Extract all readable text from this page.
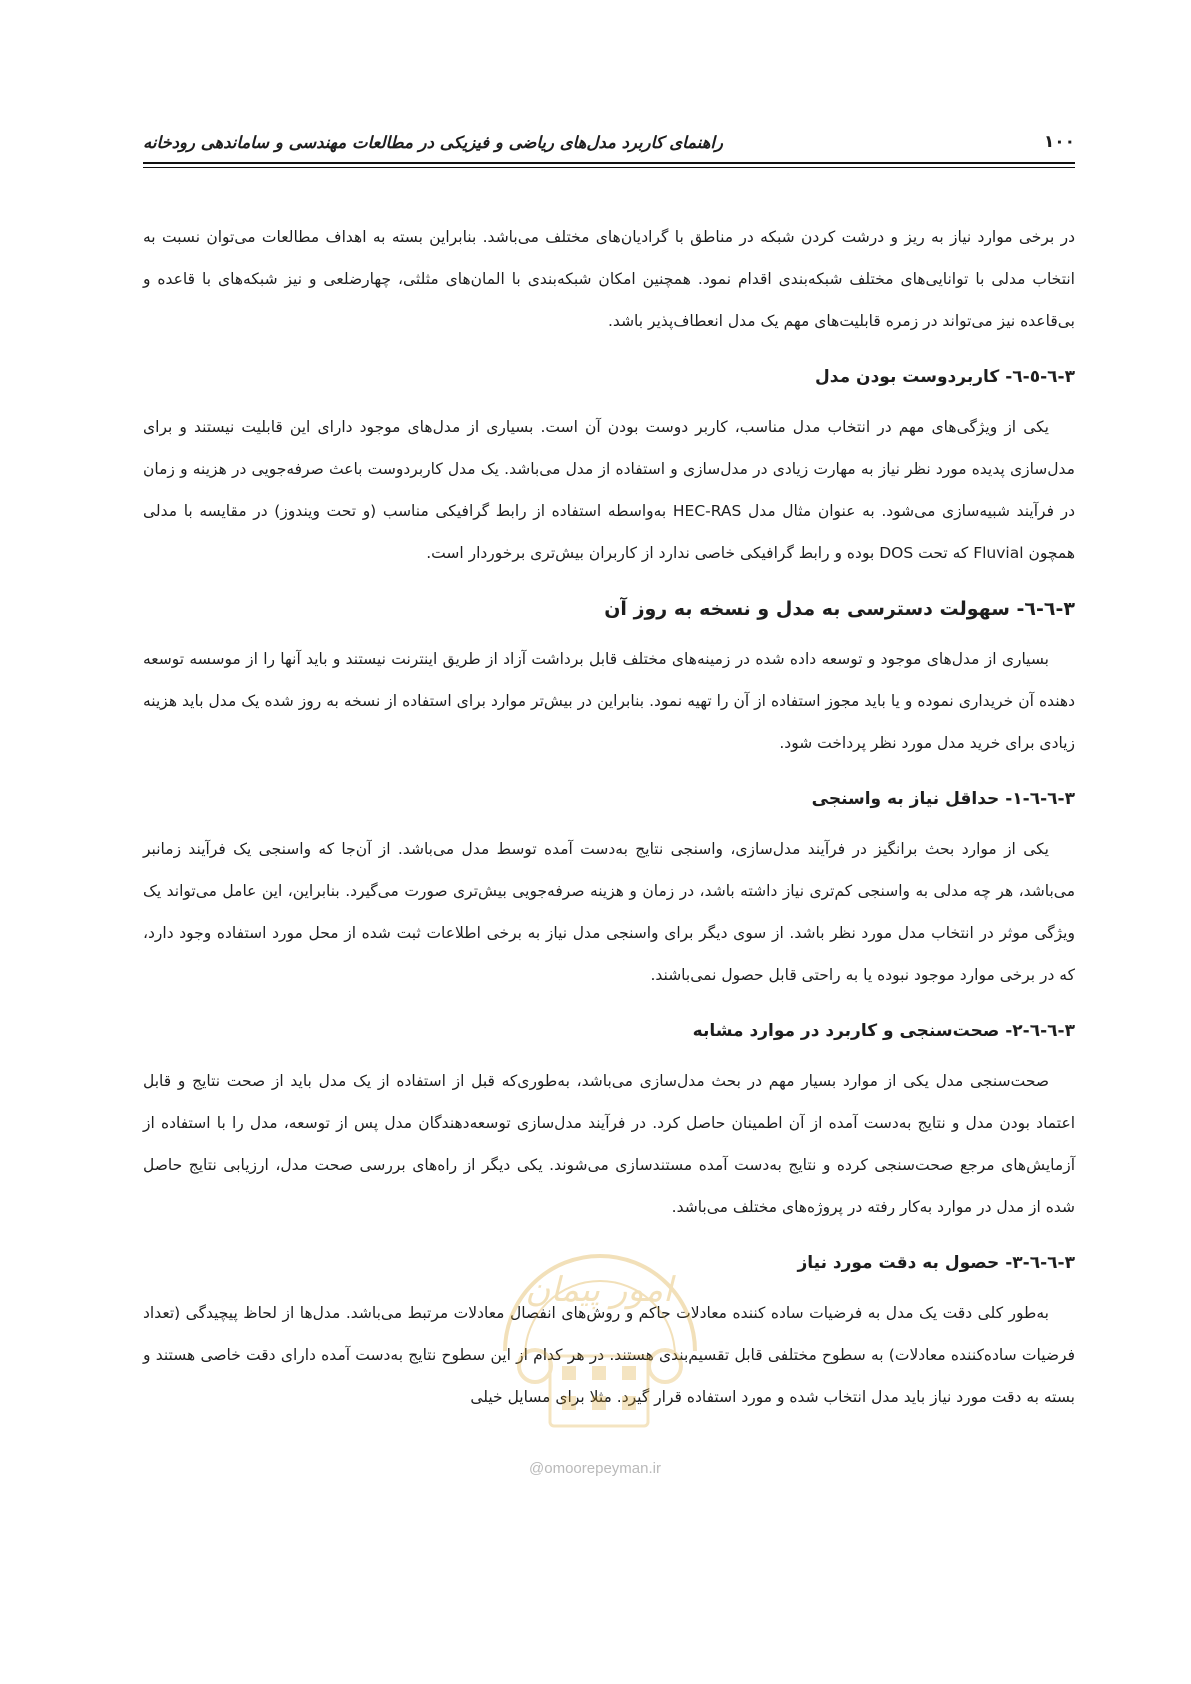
۱۰۰
راهنمای کاربرد مدل‌های ریاضی و فیزیکی در مطالعات مهندسی و ساماندهی رودخانه

در برخی موارد نیاز به ریز و درشت کردن شبکه در مناطق با گرادیان‌های مختلف می‌باشد. بنابراین بسته به اهداف مطالعات می‌توان نسبت به انتخاب مدلی با توانایی‌های مختلف شبکه‌بندی اقدام نمود. همچنین امکان شبکه‌بندی با المان‌های مثلثی، چهارضلعی و نیز شبکه‌های با قاعده و بی‌قاعده نیز می‌تواند در زمره قابلیت‌های مهم یک مدل انعطاف‌پذیر باشد.

۳-٦-٥-٦- کاربردوست بودن مدل

یکی از ویژگی‌های مهم در انتخاب مدل مناسب، کاربر دوست بودن آن است. بسیاری از مدل‌های موجود دارای این قابلیت نیستند و برای مدل‌سازی پدیده مورد نظر نیاز به مهارت زیادی در مدل‌سازی و استفاده از مدل می‌باشد. یک مدل کاربردوست باعث صرفه‌جویی در هزینه و زمان در فرآیند شبیه‌سازی می‌شود. به عنوان مثال مدل HEC-RAS به‌واسطه استفاده از رابط گرافیکی مناسب (و تحت ویندوز) در مقایسه با مدلی همچون Fluvial که تحت DOS بوده و رابط گرافیکی خاصی ندارد از کاربران بیش‌تری برخوردار است.

۳-٦-٦- سهولت دسترسی به مدل و نسخه به روز آن

بسیاری از مدل‌های موجود و توسعه داده شده در زمینه‌های مختلف قابل برداشت آزاد از طریق اینترنت نیستند و باید آنها را از موسسه توسعه دهنده آن خریداری نموده و یا باید مجوز استفاده از آن را تهیه نمود. بنابراین در بیش‌تر موارد برای استفاده از نسخه به روز شده یک مدل باید هزینه زیادی برای خرید مدل مورد نظر پرداخت شود.

۳-٦-٦-۱- حداقل نیاز به واسنجی

یکی از موارد بحث برانگیز در فرآیند مدل‌سازی، واسنجی نتایج به‌دست آمده توسط مدل می‌باشد. از آن‌جا که واسنجی یک فرآیند زمانبر می‌باشد، هر چه مدلی به واسنجی کم‌تری نیاز داشته باشد، در زمان و هزینه صرفه‌جویی بیش‌تری صورت می‌گیرد. بنابراین، این عامل می‌تواند یک ویژگی موثر در انتخاب مدل مورد نظر باشد. از سوی دیگر برای واسنجی مدل نیاز به برخی اطلاعات ثبت شده از محل مورد استفاده وجود دارد، که در برخی موارد موجود نبوده یا به راحتی قابل حصول نمی‌باشند.

۳-٦-٦-۲- صحت‌سنجی و کاربرد در موارد مشابه

صحت‌سنجی مدل یکی از موارد بسیار مهم در بحث مدل‌سازی می‌باشد، به‌طوری‌که قبل از استفاده از یک مدل باید از صحت نتایج و قابل اعتماد بودن مدل و نتایج به‌دست آمده از آن اطمینان حاصل کرد. در فرآیند مدل‌سازی توسعه‌دهندگان مدل پس از توسعه، مدل را با استفاده از آزمایش‌های مرجع صحت‌سنجی کرده و نتایج به‌دست آمده مستندسازی می‌شوند. یکی دیگر از راه‌های بررسی صحت مدل، ارزیابی نتایج حاصل شده از مدل در موارد به‌کار رفته در پروژه‌های مختلف می‌باشد.

۳-٦-٦-۳- حصول به دقت مورد نیاز

به‌طور کلی دقت یک مدل به فرضیات ساده کننده معادلات حاکم و روش‌های انفصال معادلات مرتبط می‌باشد. مدل‌ها از لحاظ پیچیدگی (تعداد فرضیات ساده‌کننده معادلات) به سطوح مختلفی قابل تقسیم‌بندی هستند. در هر کدام از این سطوح نتایج به‌دست آمده دارای دقت خاصی هستند و بسته به دقت مورد نیاز باید مدل انتخاب شده و مورد استفاده قرار گیرد. مثلا برای مسایل خیلی

امور پیمان
@omoorepeyman.ir
